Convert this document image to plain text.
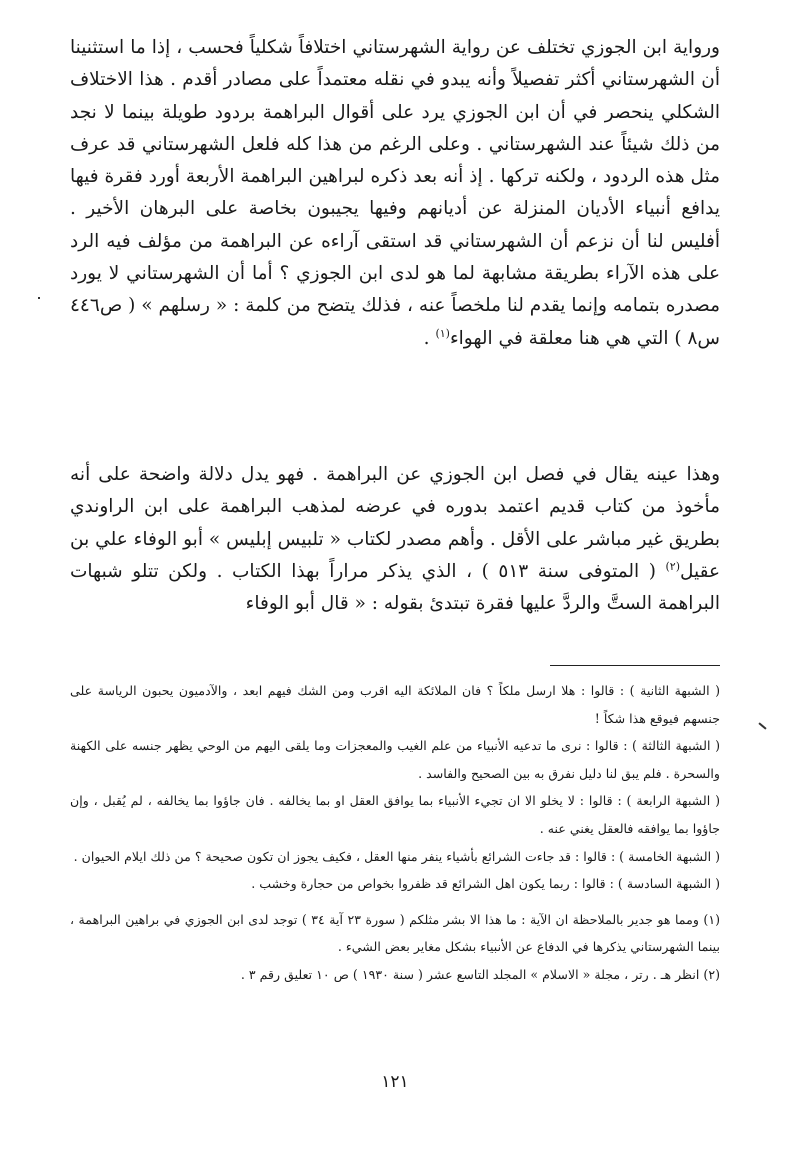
ورواية ابن الجوزي تختلف عن رواية الشهرستاني اختلافاً شكلياً فحسب ، إذا ما استثنينا أن الشهرستاني أكثر تفصيلاً وأنه يبدو في نقله معتمداً على مصادر أقدم . هذا الاختلاف الشكلي ينحصر في أن ابن الجوزي يرد على أقوال البراهمة بردود طويلة بينما لا نجد من ذلك شيئاً عند الشهرستاني . وعلى الرغم من هذا كله فلعل الشهرستاني قد عرف مثل هذه الردود ، ولكنه تركها . إذ أنه بعد ذكره لبراهين البراهمة الأربعة أورد فقرة فيها يدافع أنبياء الأديان المنزلة عن أديانهم وفيها يجيبون بخاصة على البرهان الأخير . أفليس لنا أن نزعم أن الشهرستاني قد استقى آراءه عن البراهمة من مؤلف فيه الرد على هذه الآراء بطريقة مشابهة لما هو لدى ابن الجوزي ؟ أما أن الشهرستاني لا يورد مصدره بتمامه وإنما يقدم لنا ملخصاً عنه ، فذلك يتضح من كلمة : « رسلهم » ( ص٤٤٦ س٨ ) التي هي هنا معلقة في الهواء$^{(١)}$ .

وهذا عينه يقال في فصل ابن الجوزي عن البراهمة . فهو يدل دلالة واضحة على أنه مأخوذ من كتاب قديم اعتمد بدوره في عرضه لمذهب البراهمة على ابن الراوندي بطريق غير مباشر على الأقل . وأهم مصدر لكتاب « تلبيس إبليس » أبو الوفاء علي بن عقيل$^{(٢)}$ ( المتوفى سنة ٥١٣ ) ، الذي يذكر مراراً بهذا الكتاب . ولكن تتلو شبهات البراهمة الستَّ والردَّ عليها فقرة تبتدئ بقوله : « قال أبو الوفاء

( الشبهة الثانية ) : قالوا : هلا ارسل ملكاً ؟ فان الملائكة اليه اقرب ومن الشك فيهم ابعد ، والآدميون يحبون الرياسة على جنسهم فيوقع هذا شكاً !

( الشبهة الثالثة ) : قالوا : نرى ما تدعيه الأنبياء من علم الغيب والمعجزات وما يلقى اليهم من الوحي يظهر جنسه على الكهنة والسحرة . فلم يبق لنا دليل نفرق به بين الصحيح والفاسد .

( الشبهة الرابعة ) : قالوا : لا يخلو الا ان تجيء الأنبياء بما يوافق العقل او بما يخالفه . فان جاؤوا بما يخالفه ، لم يُقبل ، وإن جاؤوا بما يوافقه فالعقل يغني عنه .

( الشبهة الخامسة ) : قالوا : قد جاءت الشرائع بأشياء ينفر منها العقل ، فكيف يجوز ان تكون صحيحة ؟ من ذلك ايلام الحيوان .

( الشبهة السادسة ) : قالوا : ربما يكون اهل الشرائع قد ظفروا بخواص من حجارة وخشب .

(١) ومما هو جدير بالملاحظة ان الآية : ما هذا الا بشر مثلكم ( سورة ٢٣ آية ٣٤ ) توجد لدى ابن الجوزي في براهين البراهمة ، بينما الشهرستاني يذكرها في الدفاع عن الأنبياء بشكل مغاير بعض الشيء .

(٢) انظر هـ . رتر ، مجلة « الاسلام » المجلد التاسع عشر ( سنة ١٩٣٠ ) ص ١٠ تعليق رقم ٣ .

١٢١
